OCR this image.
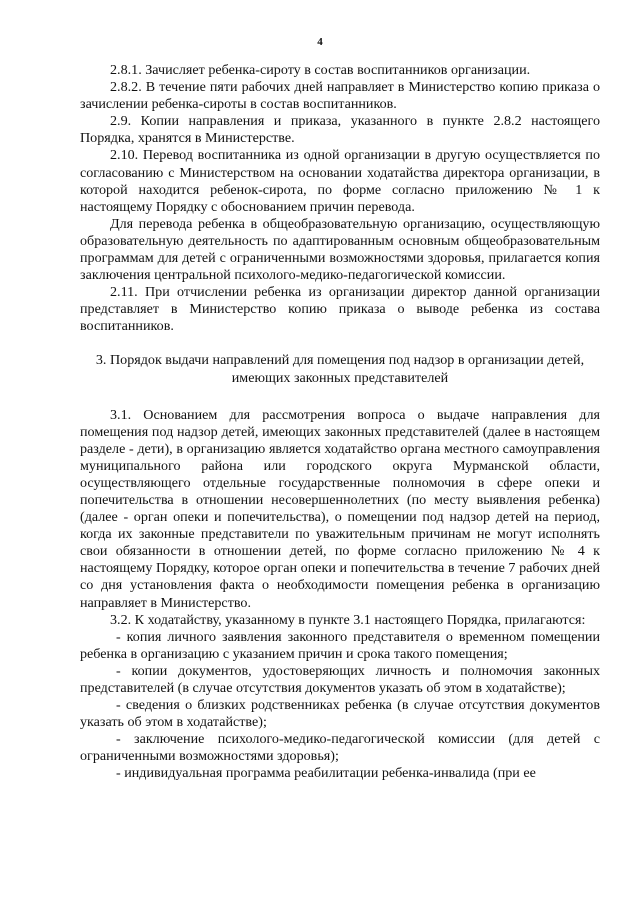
4

2.8.1. Зачисляет ребенка-сироту в состав воспитанников организации.

2.8.2. В течение пяти рабочих дней направляет в Министерство копию приказа о зачислении ребенка-сироты в состав воспитанников.

2.9. Копии направления и приказа, указанного в пункте 2.8.2 настоящего Порядка, хранятся в Министерстве.

2.10. Перевод воспитанника из одной организации в другую осуществляется по согласованию с Министерством на основании ходатайства директора организации, в которой находится ребенок-сирота, по форме согласно приложению № 1 к настоящему Порядку с обоснованием причин перевода.

Для перевода ребенка в общеобразовательную организацию, осуществляющую образовательную деятельность по адаптированным основным общеобразовательным программам для детей с ограниченными возможностями здоровья, прилагается копия заключения центральной психолого-медико-педагогической комиссии.

2.11. При отчислении ребенка из организации директор данной организации представляет в Министерство копию приказа о выводе ребенка из состава воспитанников.

3. Порядок выдачи направлений для помещения под надзор в организации детей, имеющих законных представителей

3.1. Основанием для рассмотрения вопроса о выдаче направления для помещения под надзор детей, имеющих законных представителей (далее в настоящем разделе - дети), в организацию является ходатайство органа местного самоуправления муниципального района или городского округа Мурманской области, осуществляющего отдельные государственные полномочия в сфере опеки и попечительства в отношении несовершеннолетних (по месту выявления ребенка) (далее - орган опеки и попечительства), о помещении под надзор детей на период, когда их законные представители по уважительным причинам не могут исполнять свои обязанности в отношении детей, по форме согласно приложению № 4 к настоящему Порядку, которое орган опеки и попечительства в течение 7 рабочих дней со дня установления факта о необходимости помещения ребенка в организацию направляет в Министерство.

3.2. К ходатайству, указанному в пункте 3.1 настоящего Порядка, прилагаются:

- копия личного заявления законного представителя о временном помещении ребенка в организацию с указанием причин и срока такого помещения;

- копии документов, удостоверяющих личность и полномочия законных представителей (в случае отсутствия документов указать об этом в ходатайстве);

- сведения о близких родственниках ребенка (в случае отсутствия документов указать об этом в ходатайстве);

- заключение психолого-медико-педагогической комиссии (для детей с ограниченными возможностями здоровья);

- индивидуальная программа реабилитации ребенка-инвалида (при ее
